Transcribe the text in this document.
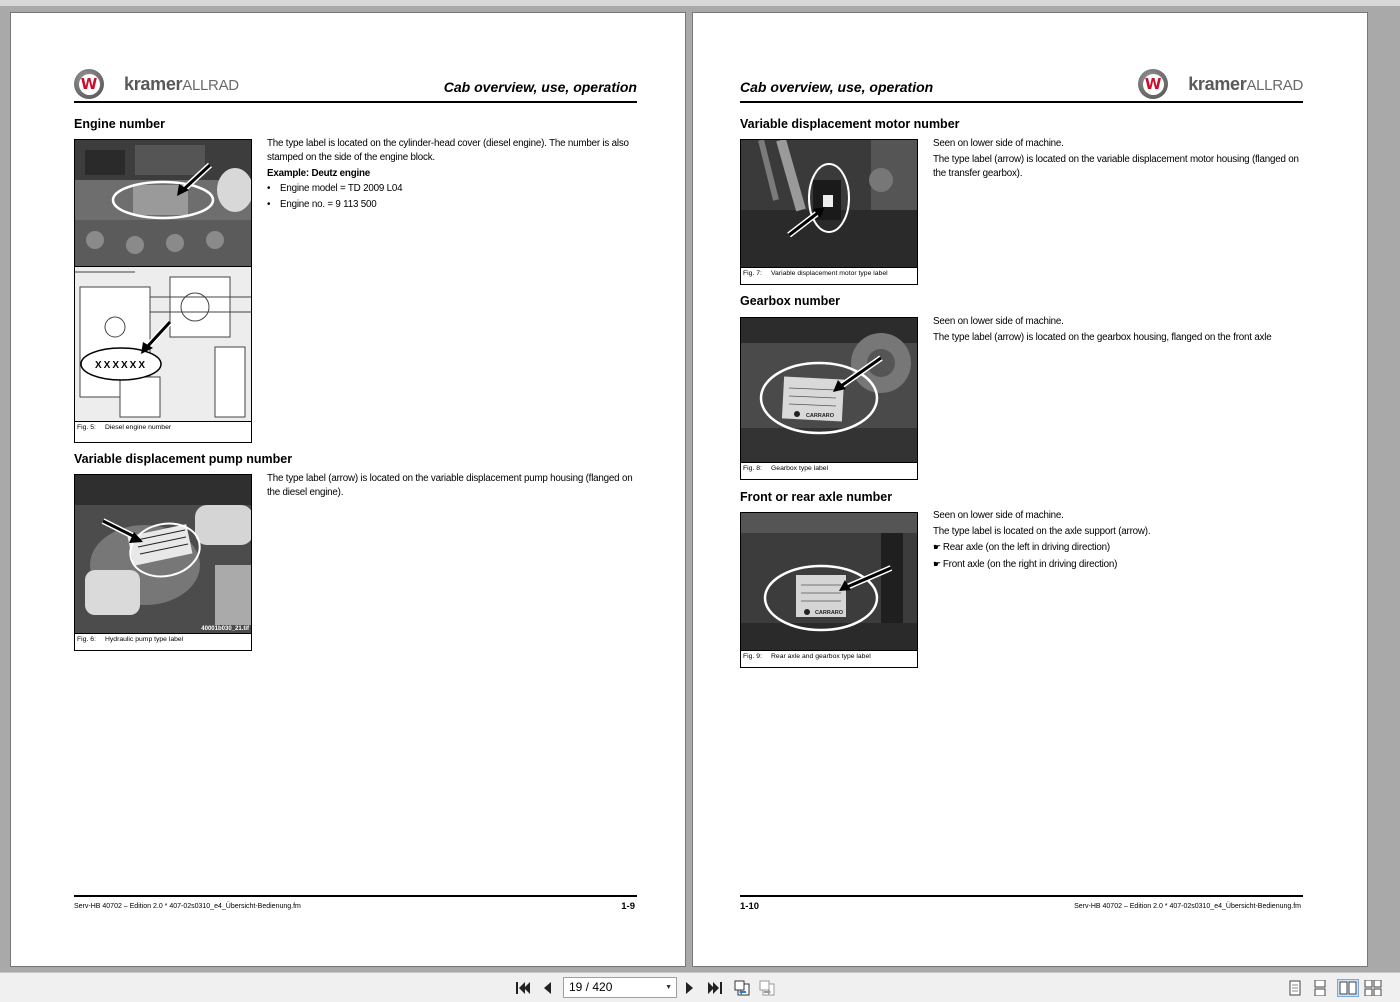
W kramerALLRAD	Cab overview, use, operation
Engine number
XXXXXX
Fig. 5: Diesel engine number

The type label is located on the cylinder-head cover (diesel engine). The number is also stamped on the side of the engine block.

Example: Deutz engine

• Engine model = TD 2009 L04

• Engine no. = 9 113 500

Variable displacement pump number
40001b030_21.tif
Fig. 6: Hydraulic pump type label

The type label (arrow) is located on the variable displacement pump housing (flanged on the diesel engine).

Serv-HB 40702 – Edition 2.0 * 407-02s0310_e4_Übersicht-Bedienung.fm	1-9
Cab overview, use, operation	W kramerALLRAD
Variable displacement motor number
Fig. 7: Variable displacement motor type label

Seen on lower side of machine.

The type label (arrow) is located on the variable displacement motor housing (flanged on the transfer gearbox).

Gearbox number
CARRARO
Fig. 8: Gearbox type label

Seen on lower side of machine.

The type label (arrow) is located on the gearbox housing, flanged on the front axle

Front or rear axle number
CARRARO
Fig. 9: Rear axle and gearbox type label

Seen on lower side of machine.

The type label is located on the axle support (arrow).

☛ Rear axle (on the left in driving direction)

☛ Front axle (on the right in driving direction)

1-10	Serv-HB 40702 – Edition 2.0 * 407-02s0310_e4_Übersicht-Bedienung.fm
19 / 420	▼
